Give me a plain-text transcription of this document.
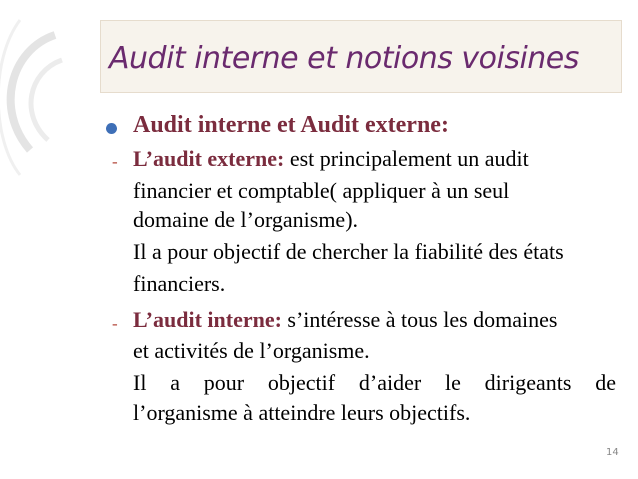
Audit interne et notions voisines

Audit interne et Audit externe:

- L’audit externe: est principalement un audit

financier et comptable( appliquer à un seul

domaine de l’organisme).

Il a pour objectif de chercher la fiabilité des états

financiers.

- L’audit interne: s’intéresse à tous les domaines

et activités de l’organisme.

Il a pour objectif d’aider le dirigeants de

l’organisme à atteindre leurs objectifs.

14
